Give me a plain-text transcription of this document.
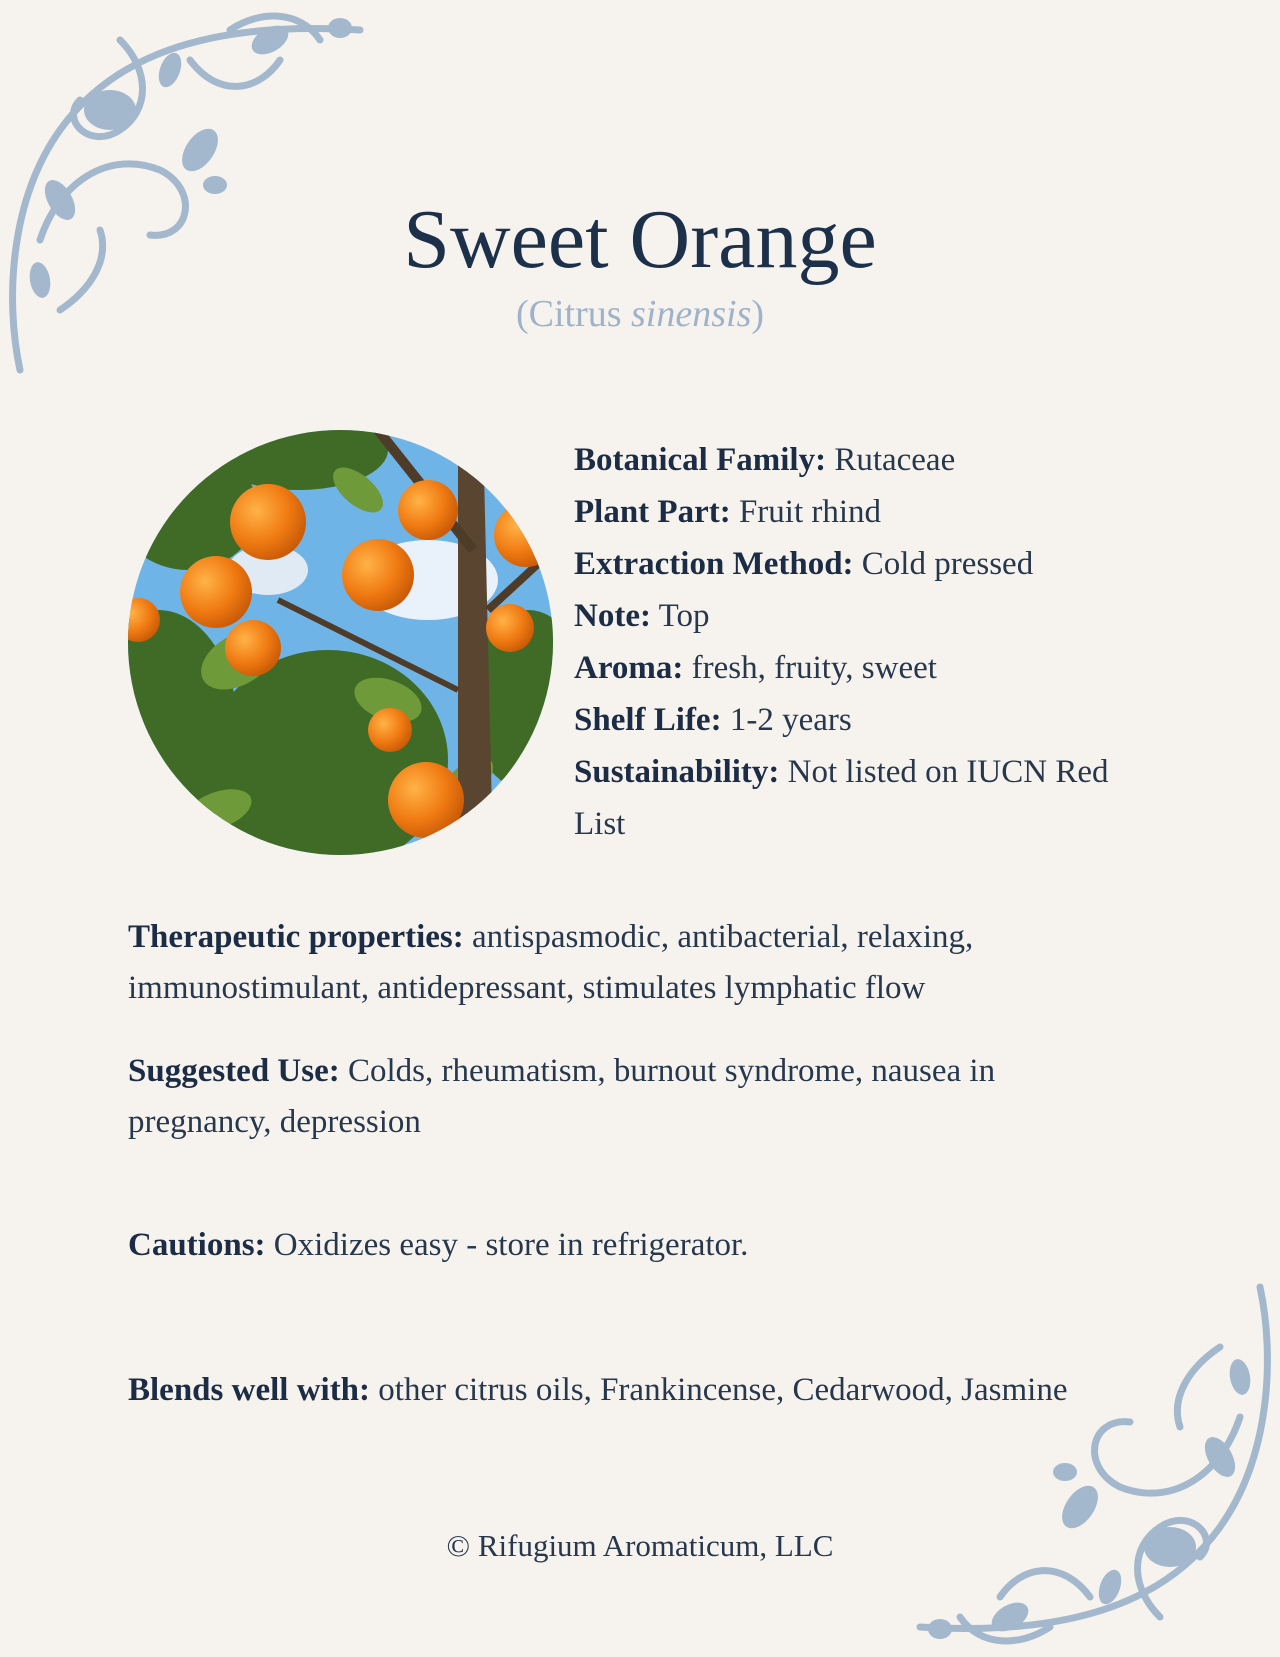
Sweet Orange
(Citrus sinensis)
Botanical Family: Rutaceae
Plant Part: Fruit rhind
Extraction Method: Cold pressed
Note: Top
Aroma: fresh, fruity, sweet
Shelf Life: 1-2 years
Sustainability: Not listed on IUCN Red List
Therapeutic properties: antispasmodic, antibacterial, relaxing, immunostimulant, antidepressant, stimulates lymphatic flow
Suggested Use: Colds, rheumatism, burnout syndrome, nausea in pregnancy, depression
Cautions: Oxidizes easy - store in refrigerator.
Blends well with: other citrus oils, Frankincense, Cedarwood, Jasmine
© Rifugium Aromaticum, LLC
